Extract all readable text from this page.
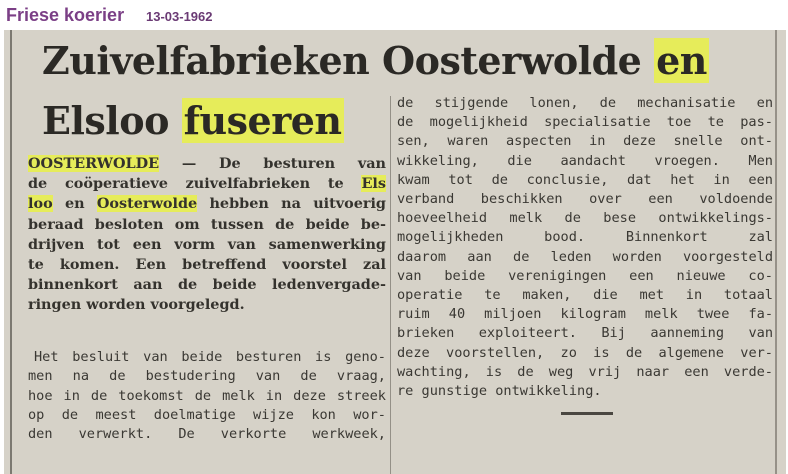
Friese koerier 13-03-1962
Zuivelfabrieken Oosterwolde en
Elsloo fuseren
OOSTERWOLDE — De besturen van
de coöperatieve zuivelfabrieken te Els
loo en Oosterwolde hebben na uitvoerig
beraad besloten om tussen de beide be-
drijven tot een vorm van samenwerking
te komen. Een betreffend voorstel zal
binnenkort aan de beide ledenvergade-
ringen worden voorgelegd.
Het besluit van beide besturen is geno-
men na de bestudering van de vraag,
hoe in de toekomst de melk in deze streek
op de meest doelmatige wijze kon wor-
den verwerkt. De verkorte werkweek,
de stijgende lonen, de mechanisatie en
de mogelijkheid specialisatie toe te pas-
sen, waren aspecten in deze snelle ont-
wikkeling, die aandacht vroegen. Men
kwam tot de conclusie, dat het in een
verband beschikken over een voldoende
hoeveelheid melk de bese ontwikkelings-
mogelijkheden bood. Binnenkort zal
daarom aan de leden worden voorgesteld
van beide verenigingen een nieuwe co-
operatie te maken, die met in totaal
ruim 40 miljoen kilogram melk twee fa-
brieken exploiteert. Bij aanneming van
deze voorstellen, zo is de algemene ver-
wachting, is de weg vrij naar een verde-
re gunstige ontwikkeling.
